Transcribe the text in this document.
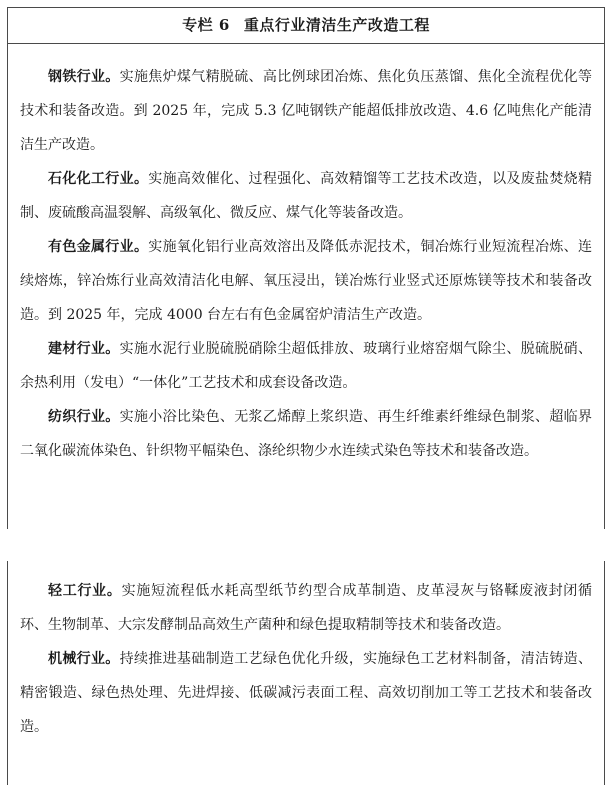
专栏 6 重点行业清洁生产改造工程

钢铁行业。实施焦炉煤气精脱硫、高比例球团冶炼、焦化负压蒸馏、焦化全流程优化等技术和装备改造。到 2025 年，完成 5.3 亿吨钢铁产能超低排放改造、4.6 亿吨焦化产能清洁生产改造。

石化化工行业。实施高效催化、过程强化、高效精馏等工艺技术改造，以及废盐焚烧精制、废硫酸高温裂解、高级氧化、微反应、煤气化等装备改造。

有色金属行业。实施氧化铝行业高效溶出及降低赤泥技术，铜冶炼行业短流程冶炼、连续熔炼，锌冶炼行业高效清洁化电解、氧压浸出，镁冶炼行业竖式还原炼镁等技术和装备改造。到 2025 年，完成 4000 台左右有色金属窑炉清洁生产改造。

建材行业。实施水泥行业脱硫脱硝除尘超低排放、玻璃行业熔窑烟气除尘、脱硫脱硝、余热利用（发电）“一体化”工艺技术和成套设备改造。

纺织行业。实施小浴比染色、无浆乙烯醇上浆织造、再生纤维素纤维绿色制浆、超临界二氧化碳流体染色、针织物平幅染色、涤纶织物少水连续式染色等技术和装备改造。

轻工行业。实施短流程低水耗高型纸节约型合成革制造、皮革浸灰与铬鞣废液封闭循环、生物制革、大宗发酵制品高效生产菌种和绿色提取精制等技术和装备改造。

机械行业。持续推进基础制造工艺绿色优化升级，实施绿色工艺材料制备，清洁铸造、精密锻造、绿色热处理、先进焊接、低碳减污表面工程、高效切削加工等工艺技术和装备改造。
